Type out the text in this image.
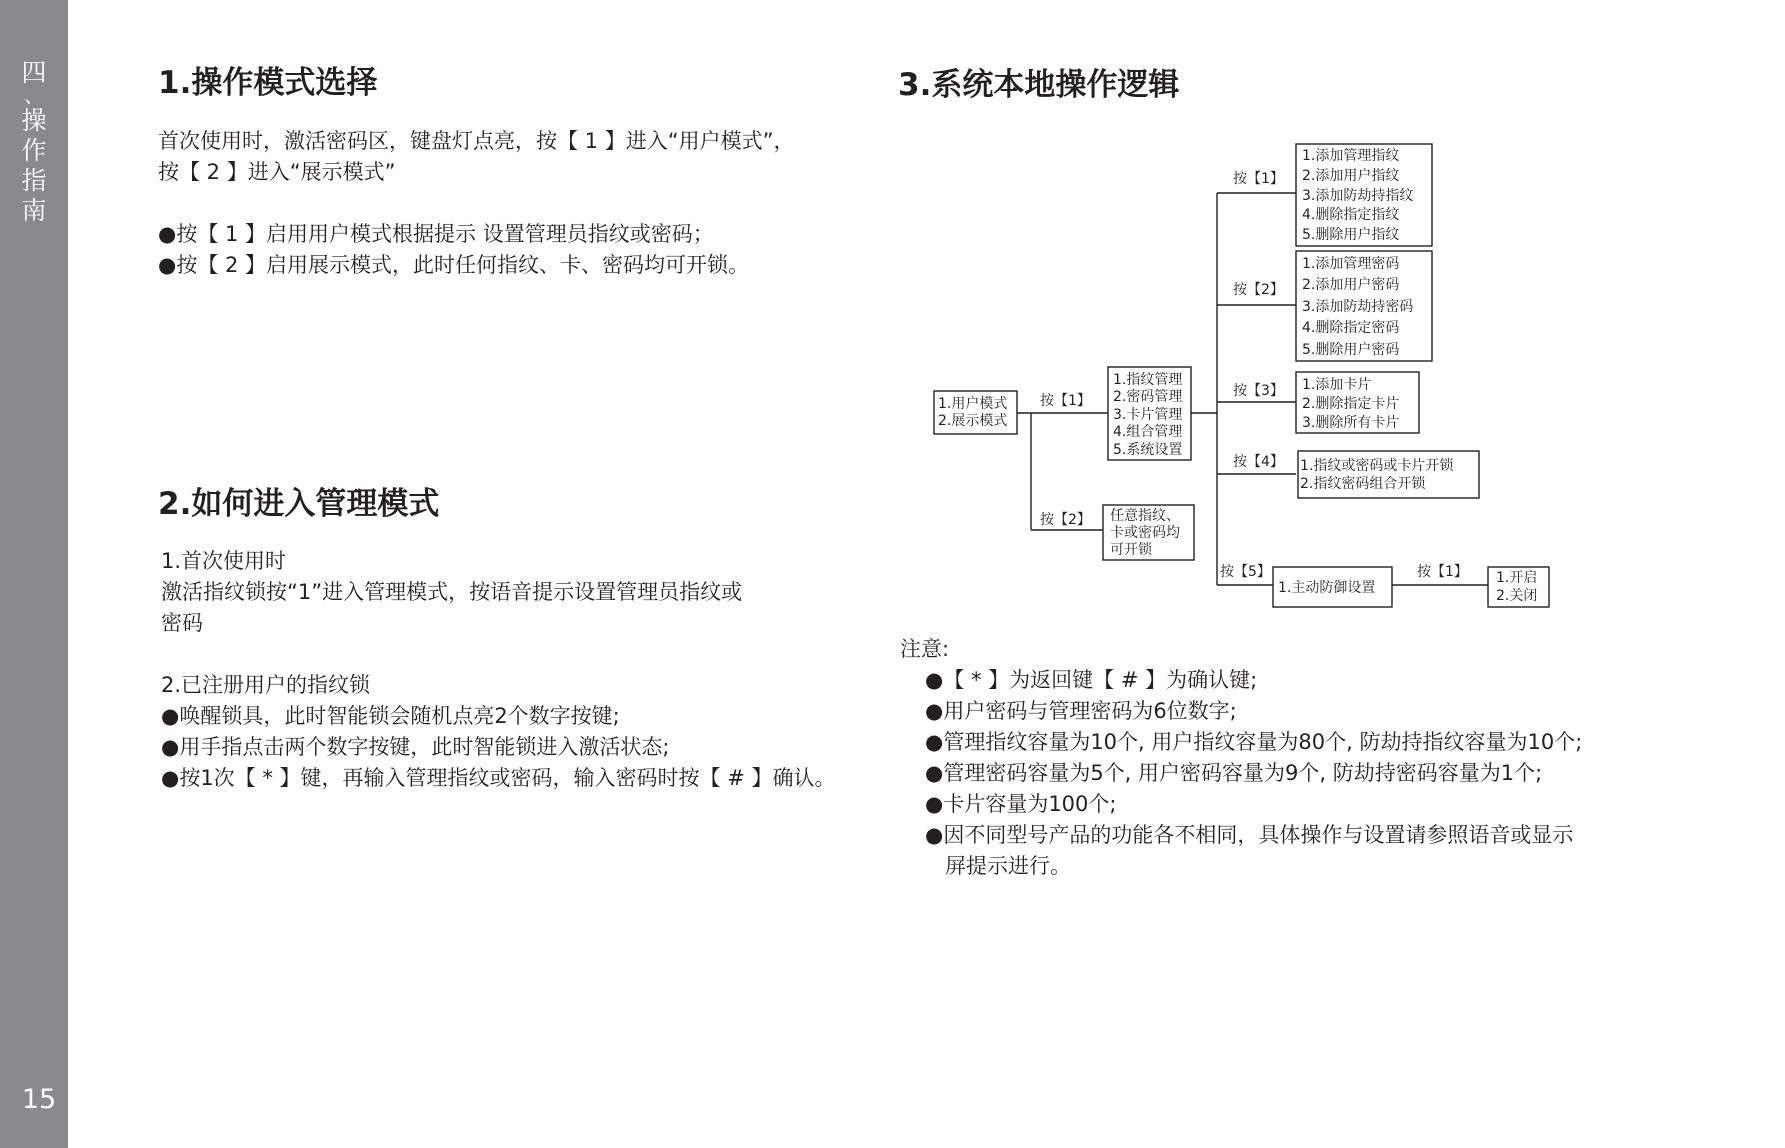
四
、
操
作
指
南
15
1.操作模式选择
首次使用时，激活密码区，键盘灯点亮，按【 1 】进入“用户模式”，
按【 2 】进入“展示模式”
●按【 1 】启用用户模式根据提示 设置管理员指纹或密码；
●按【 2 】启用展示模式，此时任何指纹、卡、密码均可开锁。
2.如何进入管理模式
1.首次使用时
激活指纹锁按“1”进入管理模式，按语音提示设置管理员指纹或
密码
2.已注册用户的指纹锁
●唤醒锁具，此时智能锁会随机点亮2个数字按键;
●用手指点击两个数字按键，此时智能锁进入激活状态;
●按1次【 * 】键，再输入管理指纹或密码，输入密码时按【 # 】确认。
3.系统本地操作逻辑
按【1】
按【2】
按【1】
按【2】
按【3】
按【4】
按【5】	按【1】
1.用户模式
2.展示模式
1.指纹管理
2.密码管理
3.卡片管理
4.组合管理
5.系统设置
任意指纹、
卡或密码均
可开锁
1.添加管理指纹
2.添加用户指纹
3.添加防劫持指纹
4.删除指定指纹
5.删除用户指纹
1.添加管理密码
2.添加用户密码
3.添加防劫持密码
4.删除指定密码
5.删除用户密码
1.添加卡片
2.删除指定卡片
3.删除所有卡片
1.指纹或密码或卡片开锁
2.指纹密码组合开锁
1.主动防御设置
1.开启
2.关闭
注意:
●【 * 】为返回键【 # 】为确认键;
●用户密码与管理密码为6位数字;
●管理指纹容量为10个, 用户指纹容量为80个, 防劫持指纹容量为10个;
●管理密码容量为5个, 用户密码容量为9个, 防劫持密码容量为1个;
●卡片容量为100个;
●因不同型号产品的功能各不相同，具体操作与设置请参照语音或显示
屏提示进行。
